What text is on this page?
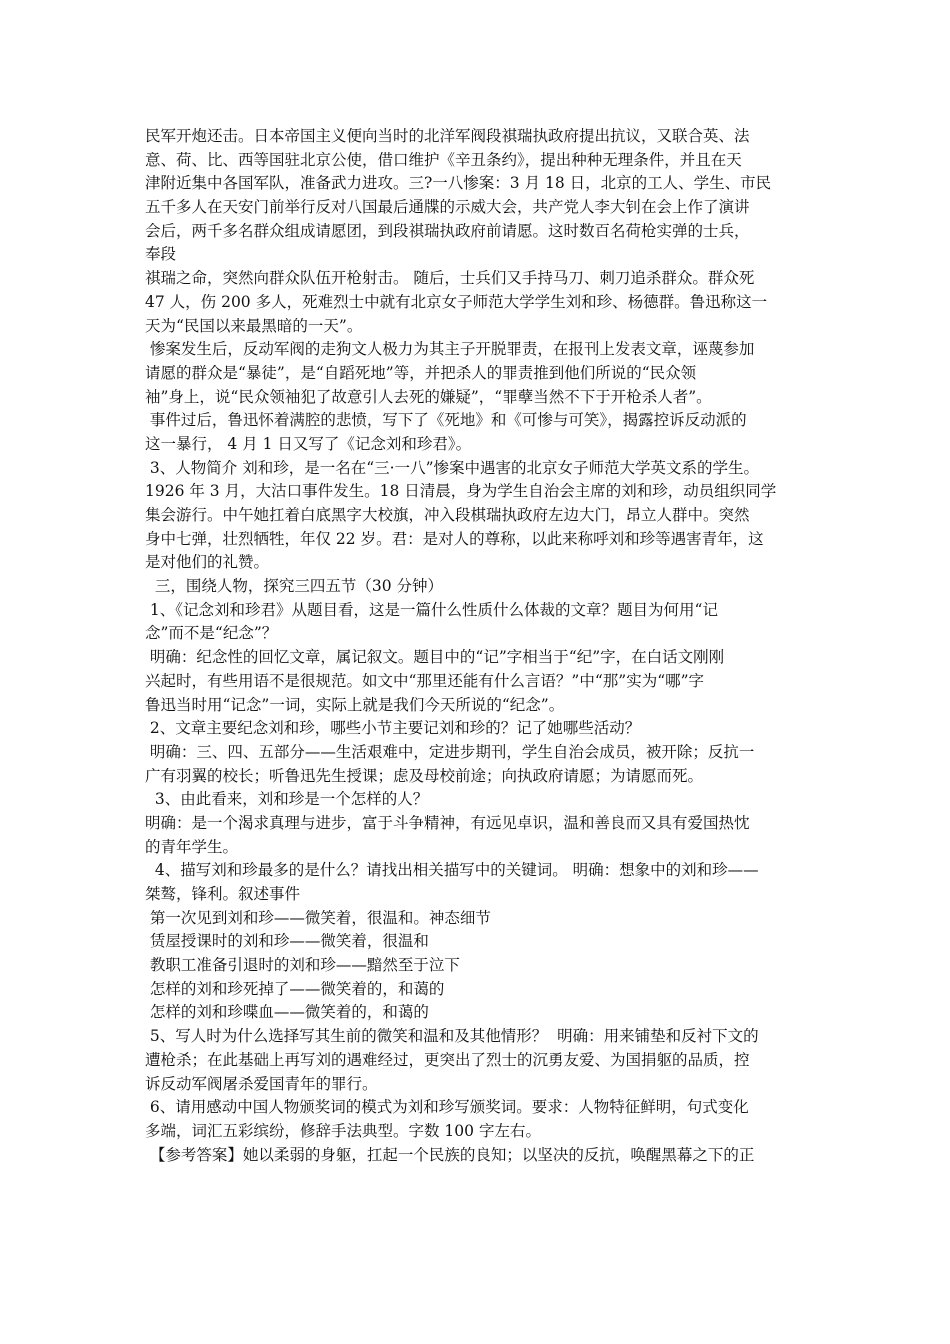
民军开炮还击。日本帝国主义便向当时的北洋军阀段祺瑞执政府提出抗议，又联合英、法
意、荷、比、西等国驻北京公使，借口维护《辛丑条约》，提出种种无理条件，并且在天
津附近集中各国军队，准备武力进攻。三?一八惨案：3 月 18 日，北京的工人、学生、市民
五千多人在天安门前举行反对八国最后通牒的示威大会，共产党人李大钊在会上作了演讲
会后，两千多名群众组成请愿团，到段祺瑞执政府前请愿。这时数百名荷枪实弹的士兵，
奉段
祺瑞之命，突然向群众队伍开枪射击。 随后，士兵们又手持马刀、刺刀追杀群众。群众死
47 人，伤 200 多人，死难烈士中就有北京女子师范大学学生刘和珍、杨德群。鲁迅称这一
天为“民国以来最黑暗的一天”。
惨案发生后，反动军阀的走狗文人极力为其主子开脱罪责，在报刊上发表文章，诬蔑参加
请愿的群众是“暴徒”，是“自蹈死地”等，并把杀人的罪责推到他们所说的“民众领
袖”身上，说“民众领袖犯了故意引人去死的嫌疑”，“罪孽当然不下于开枪杀人者”。
事件过后，鲁迅怀着满腔的悲愤，写下了《死地》和《可惨与可笑》，揭露控诉反动派的
这一暴行， 4 月 1 日又写了《记念刘和珍君》。
3、人物简介 刘和珍，是一名在“三·一八”惨案中遇害的北京女子师范大学英文系的学生。
1926 年 3 月，大沽口事件发生。18 日清晨，身为学生自治会主席的刘和珍，动员组织同学
集会游行。中午她扛着白底黑字大校旗，冲入段棋瑞执政府左边大门，昂立人群中。突然
身中七弹，壮烈牺牲，年仅 22 岁。君：是对人的尊称，以此来称呼刘和珍等遇害青年，这
是对他们的礼赞。
三，围绕人物，探究三四五节（30 分钟）
1、《记念刘和珍君》从题目看，这是一篇什么性质什么体裁的文章？题目为何用“记
念”而不是“纪念”？
明确：纪念性的回忆文章，属记叙文。题目中的“记”字相当于“纪”字，在白话文刚刚
兴起时，有些用语不是很规范。如文中“那里还能有什么言语？”中“那”实为“哪”字
鲁迅当时用“记念”一词，实际上就是我们今天所说的“纪念”。
2、文章主要纪念刘和珍，哪些小节主要记刘和珍的？记了她哪些活动？
明确：三、四、五部分——生活艰难中，定进步期刊，学生自治会成员，被开除；反抗一
广有羽翼的校长；听鲁迅先生授课；虑及母校前途；向执政府请愿；为请愿而死。
3、由此看来，刘和珍是一个怎样的人？
明确：是一个渴求真理与进步，富于斗争精神，有远见卓识，温和善良而又具有爱国热忱
的青年学生。
4、描写刘和珍最多的是什么？请找出相关描写中的关键词。 明确：想象中的刘和珍——
桀骜，锋利。叙述事件
第一次见到刘和珍——微笑着，很温和。神态细节
赁屋授课时的刘和珍——微笑着，很温和
教职工准备引退时的刘和珍——黯然至于泣下
怎样的刘和珍死掉了——微笑着的，和蔼的
怎样的刘和珍喋血——微笑着的，和蔼的
5、写人时为什么选择写其生前的微笑和温和及其他情形？  明确：用来铺垫和反衬下文的
遭枪杀；在此基础上再写刘的遇难经过，更突出了烈士的沉勇友爱、为国捐躯的品质，控
诉反动军阀屠杀爱国青年的罪行。
6、请用感动中国人物颁奖词的模式为刘和珍写颁奖词。要求：人物特征鲜明，句式变化
多端，词汇五彩缤纷，修辞手法典型。字数 100 字左右。
【参考答案】她以柔弱的身躯，扛起一个民族的良知；以坚决的反抗，唤醒黑幕之下的正
